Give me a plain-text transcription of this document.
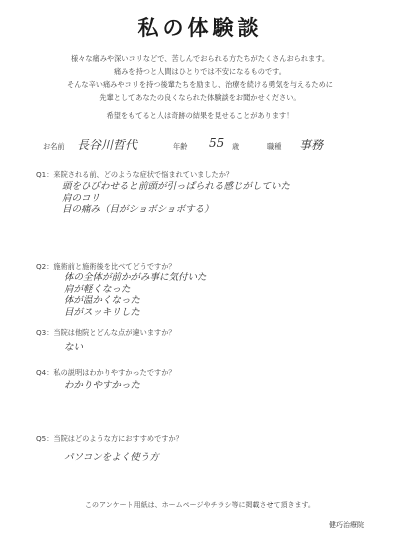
私の体験談
様々な痛みや深いコリなどで、苦しんでおられる方たちがたくさんおられます。
痛みを持つと人間はひとりでは不安になるものです。
そんな辛い痛みやコリを持つ後輩たちを励まし、治療を続ける勇気を与えるために
先輩としてあなたの良くなられた体験談をお聞かせください。
希望をもてると人は奇跡の結果を見せることがあります！
お名前 長谷川哲代	年齢 55 歳	職種 事務
Q1：来院される前、どのような症状で悩まれていましたか？
頭をひびわせると前頭が引っぱられる感じがしていた
肩のコリ
目の痛み（目がショボショボする）
Q2：施術前と施術後を比べてどうですか？
体の全体が前かがみ事に気付いた
肩が軽くなった
体が温かくなった
目がスッキリした
Q3：当院は他院とどんな点が違いますか？
ない
Q4：私の説明はわかりやすかったですか？
わかりやすかった
Q5：当院はどのような方におすすめですか？
パソコンをよく使う方
このアンケート用紙は、ホームページやチラシ等に掲載させて頂きます。
健巧治療院
